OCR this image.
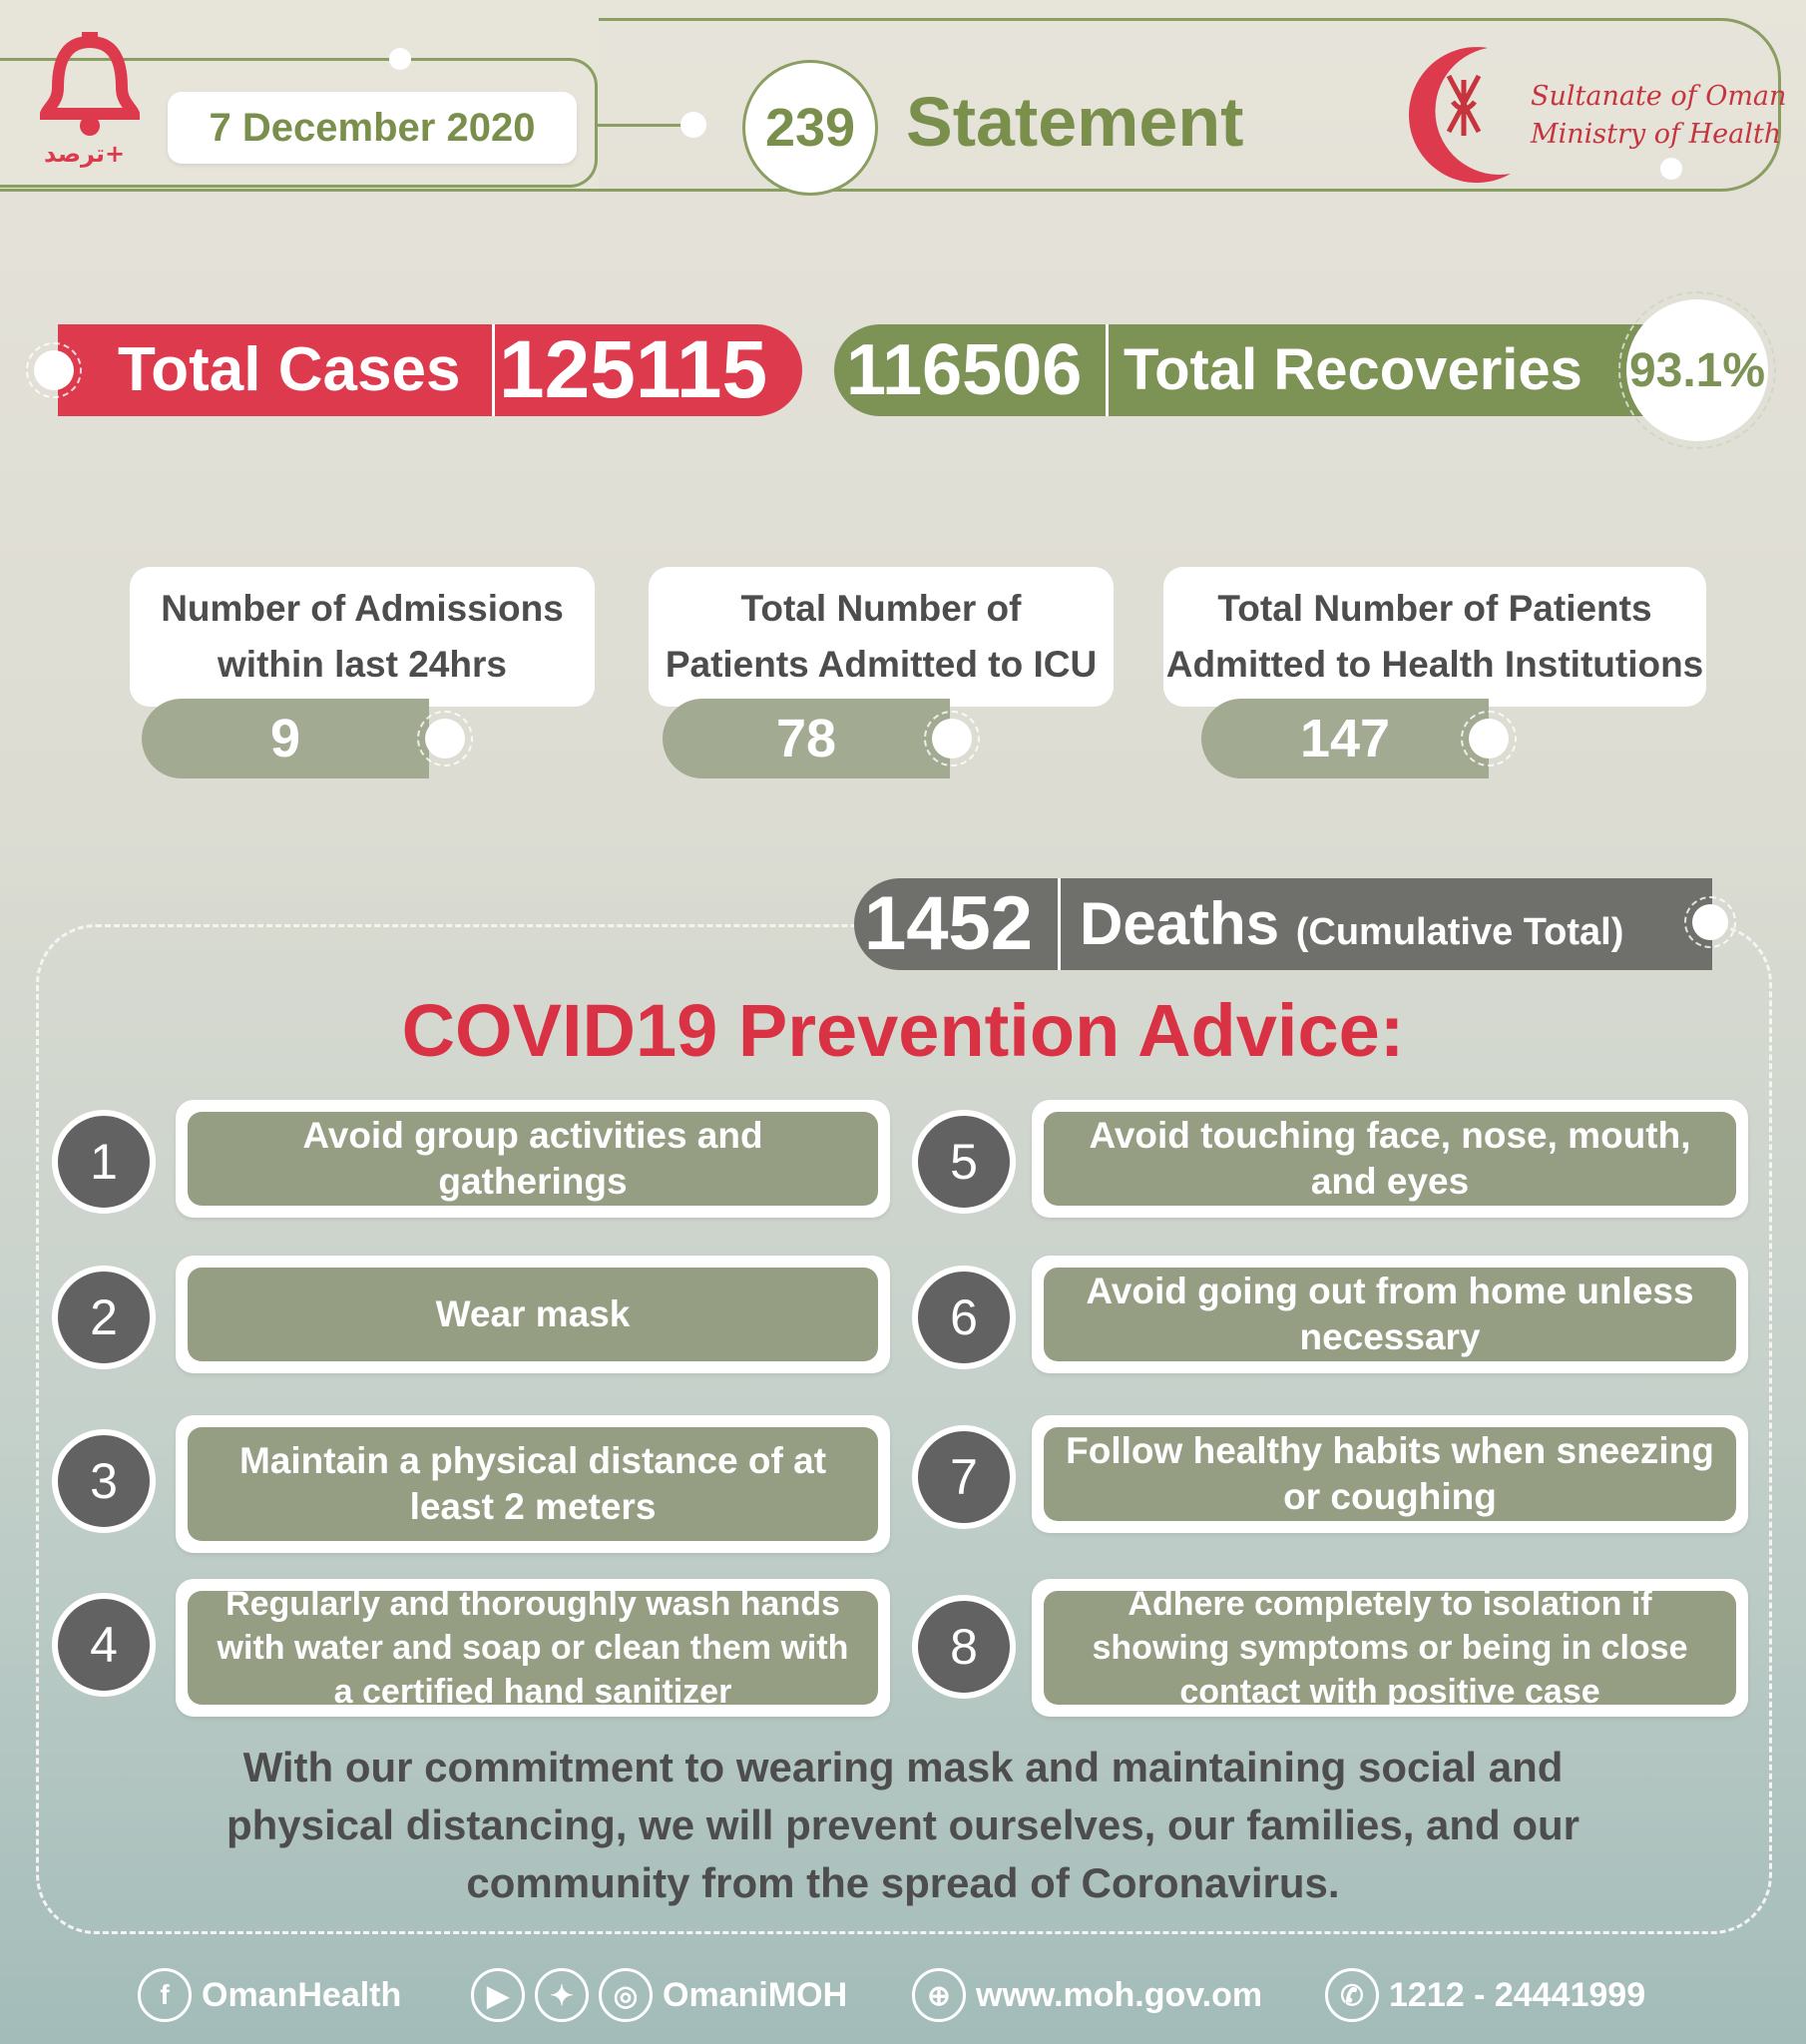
ترصد+
7 December 2020	239 Statement	Sultanate of Oman
Ministry of Health
Total Cases 125115 116506 Total Recoveries 93.1%
Number of Admissions
within last 24hrs
9
Total Number of
Patients Admitted to ICU
78
Total Number of Patients
Admitted to Health Institutions
147
1452 Deaths (Cumulative Total)
COVID19 Prevention Advice:
Avoid group activities and gatherings
1
Wear mask
2
Maintain a physical distance of at least 2 meters
3
Regularly and thoroughly wash hands with water and soap or clean them with a certified hand sanitizer
4
Avoid touching face, nose, mouth, and eyes
5
Avoid going out from home unless necessary
6
Follow healthy habits when sneezing or coughing
7
Adhere completely to isolation if showing symptoms or being in close contact with positive case
8
With our commitment to wearing mask and maintaining social and physical distancing, we will prevent ourselves, our families, and our community from the spread of Coronavirus.
f OmanHealth	▶	✦	◎ OmaniMOH	⊕ www.moh.gov.om	✆ 1212 - 24441999
